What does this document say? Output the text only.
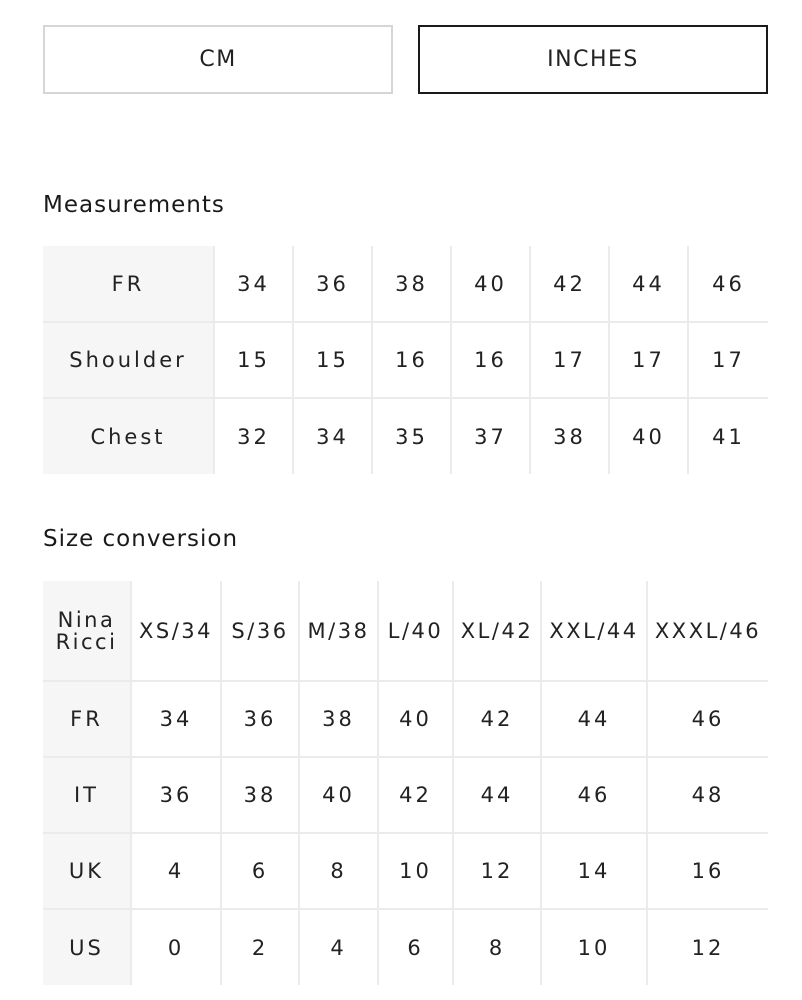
CM	INCHES
Measurements
FR	34	36	38	40	42	44	46
Shoulder	15	15	16	16	17	17	17
Chest	32	34	35	37	38	40	41
Size conversion
Nina
Ricci	XS/34	S/36	M/38	L/40	XL/42	XXL/44	XXXL/46
FR	34	36	38	40	42	44	46
IT	36	38	40	42	44	46	48
UK	4	6	8	10	12	14	16
US	0	2	4	6	8	10	12
